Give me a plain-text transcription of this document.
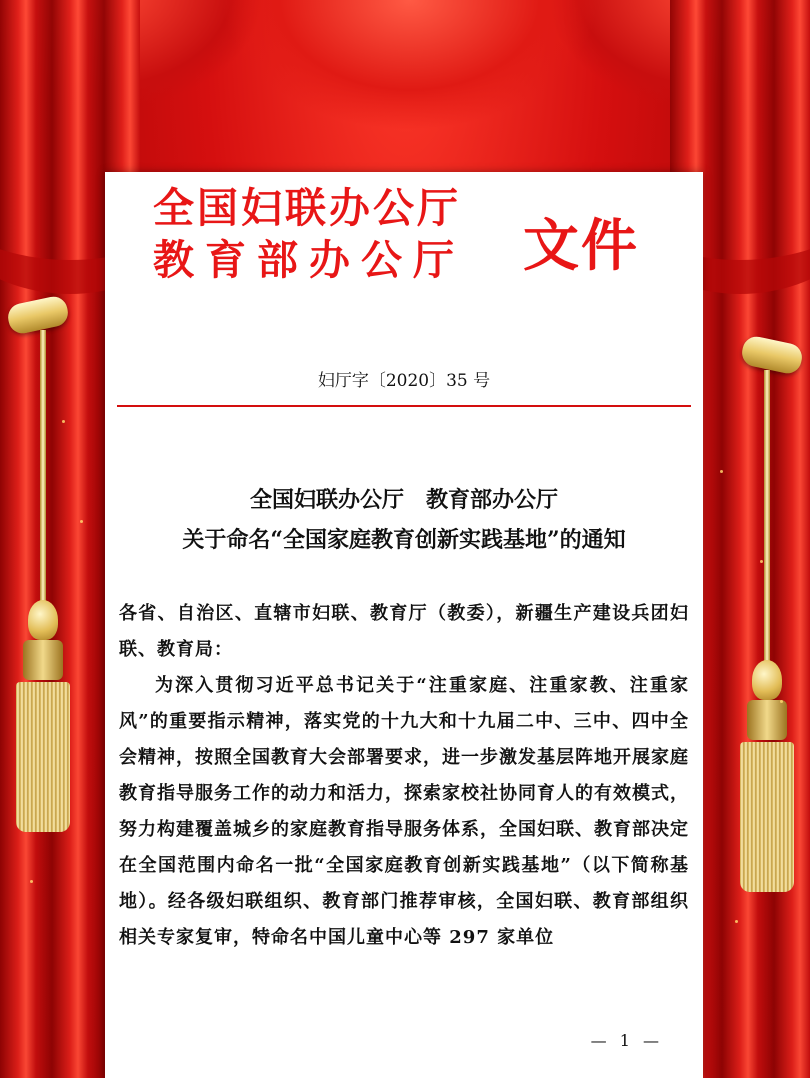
全国妇联办公厅
教育部办公厅	文件
妇厅字〔2020〕35 号
全国妇联办公厅　教育部办公厅
关于命名“全国家庭教育创新实践基地”的通知

各省、自治区、直辖市妇联、教育厅（教委），新疆生产建设兵团妇联、教育局：

为深入贯彻习近平总书记关于“注重家庭、注重家教、注重家风”的重要指示精神，落实党的十九大和十九届二中、三中、四中全会精神，按照全国教育大会部署要求，进一步激发基层阵地开展家庭教育指导服务工作的动力和活力，探索家校社协同育人的有效模式，努力构建覆盖城乡的家庭教育指导服务体系，全国妇联、教育部决定在全国范围内命名一批“全国家庭教育创新实践基地”（以下简称基地）。经各级妇联组织、教育部门推荐审核，全国妇联、教育部组织相关专家复审，特命名中国儿童中心等 297 家单位

— 1 —
